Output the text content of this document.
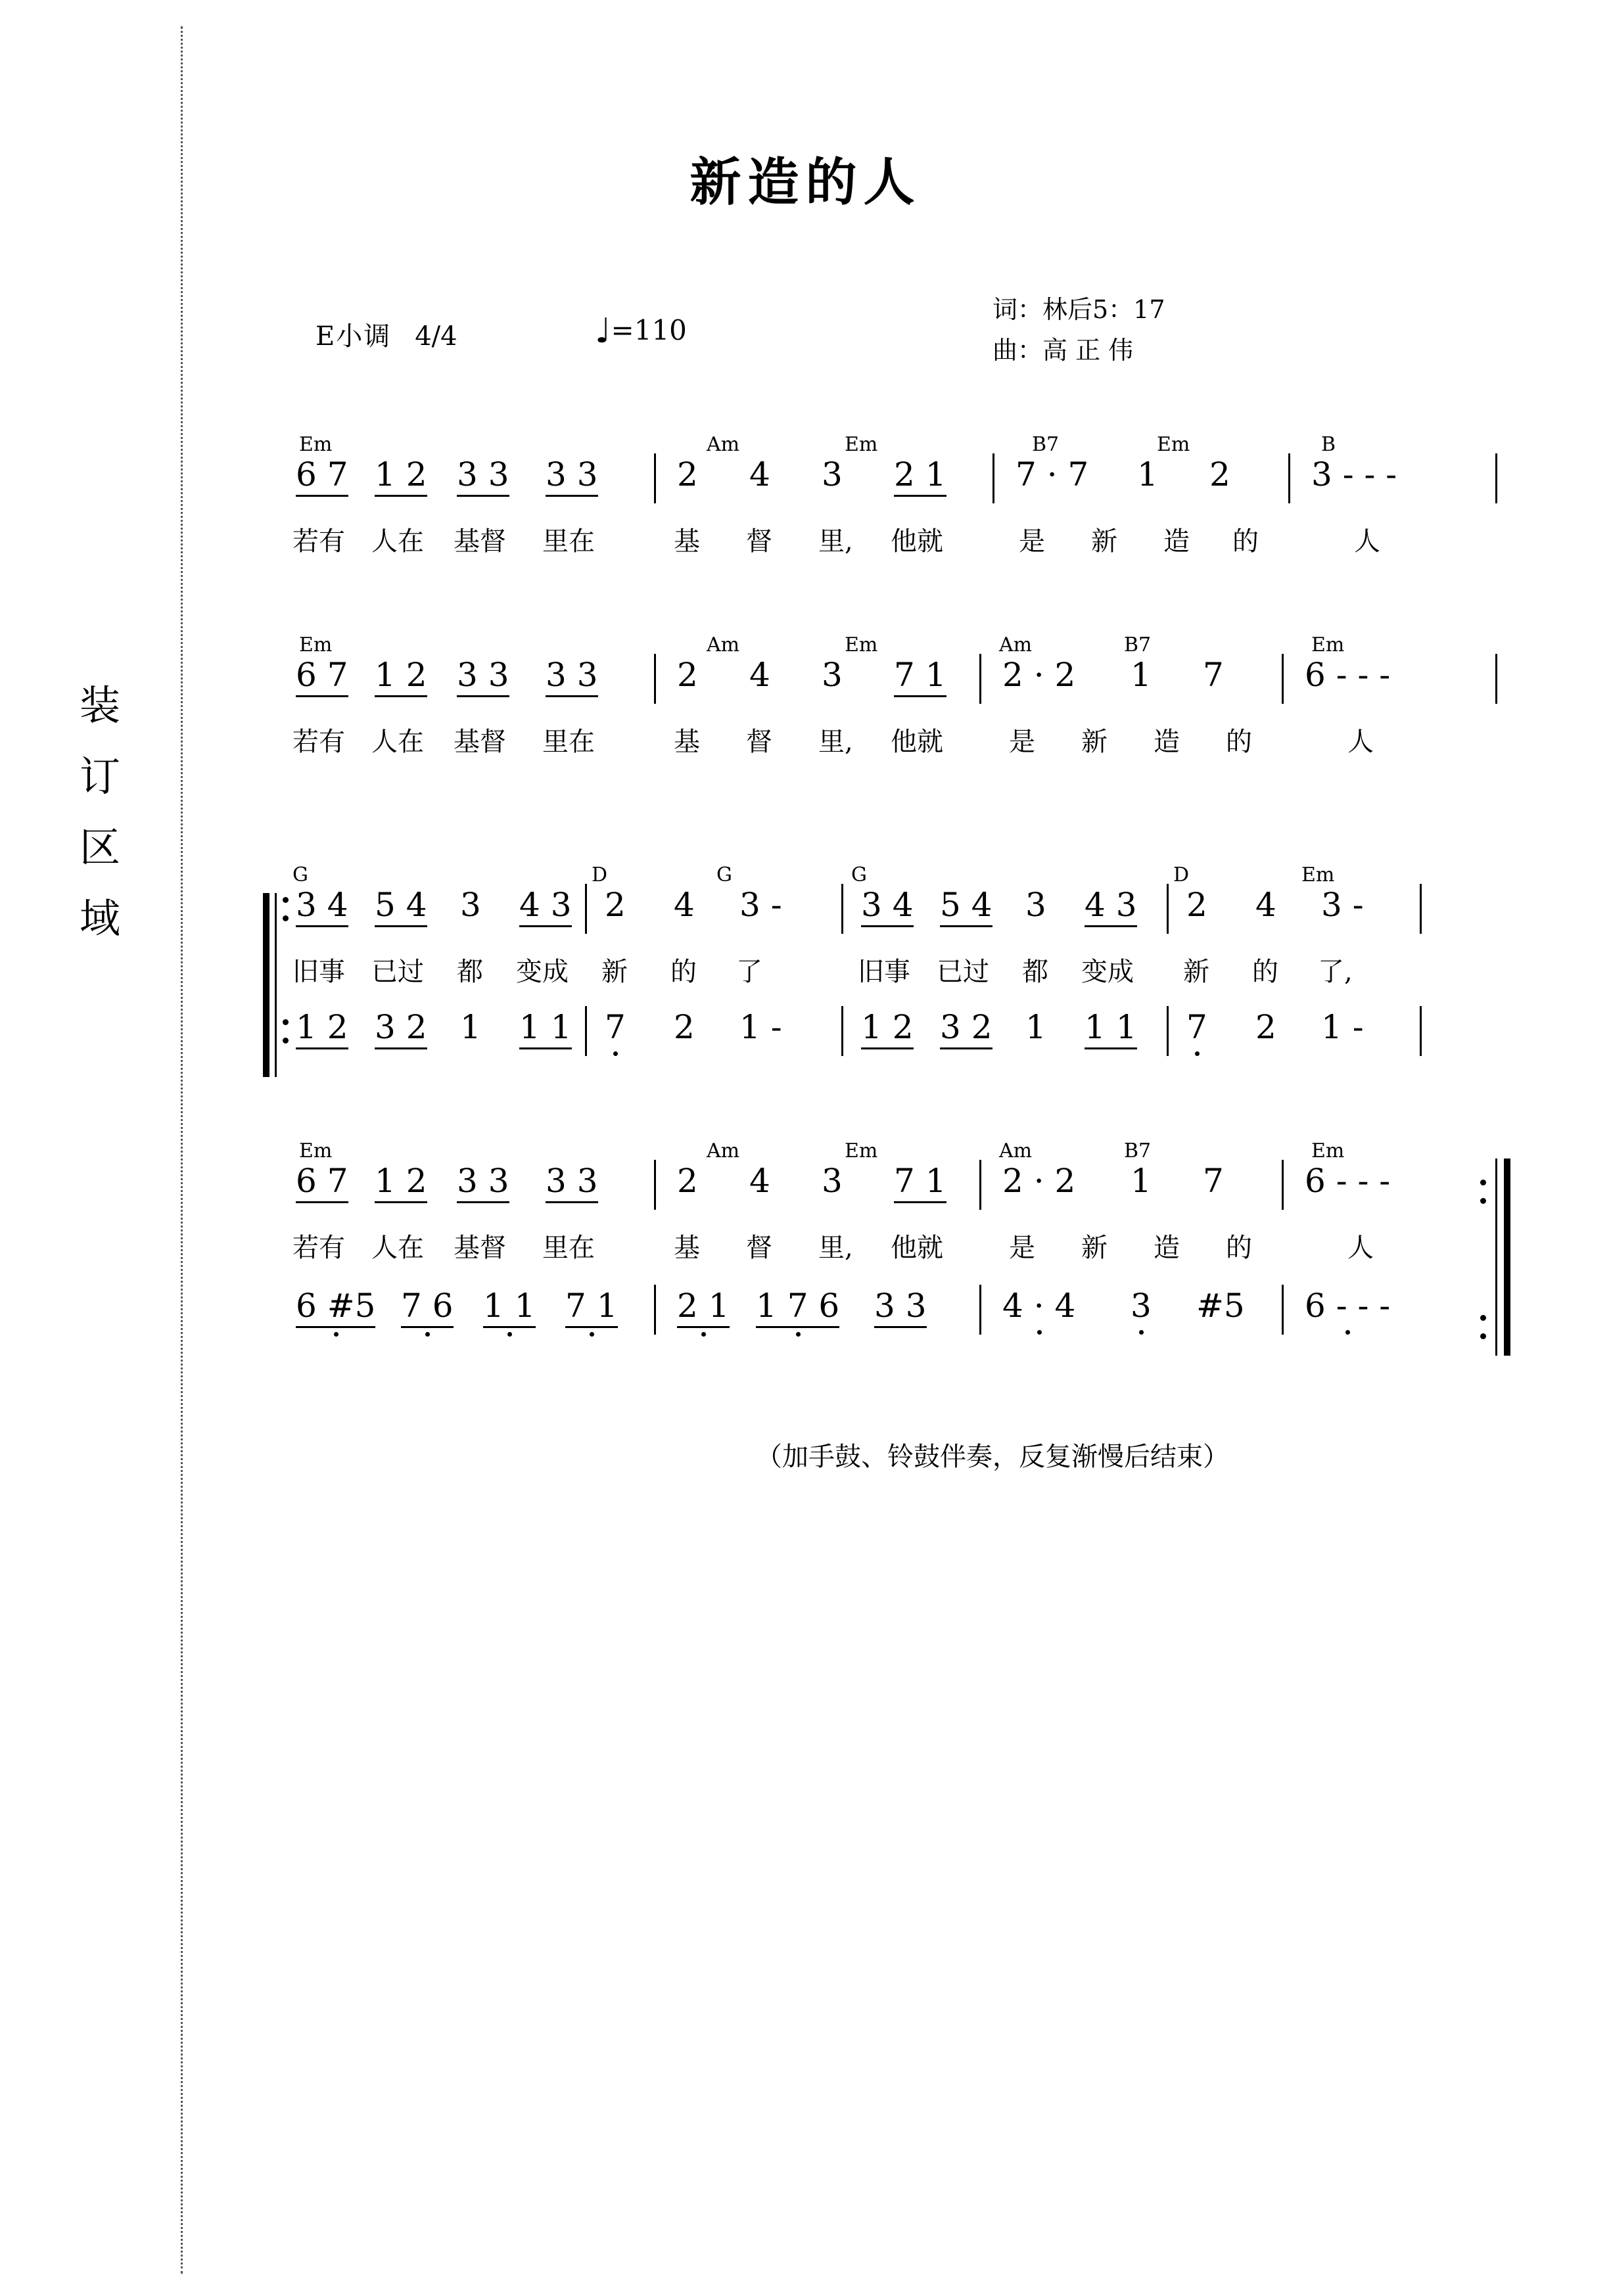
装
订
区
域
新造的人
E小调 4/4	♩=110
词：林后5：17
曲：高 正 伟
Em	Am	Em	B7	Em	B
6 7 1 2 3 3 3 3 2 4 3 2 1 7 · 7 1 2 3 - - -
若有 人在 基督 里在	基 督 里, 他就	是 新 造 的	人
Em	Am	Em	Am	B7	Em
6 7 1 2 3 3 3 3 2 4 3 7 1 2 · 2 1 7 6 - - -
若有 人在 基督 里在	基 督 里, 他就	是 新 造 的	人
G	D	G	G	D	Em
3 4 5 4 3 4 3 2 4 3 - 3 4 5 4 3 4 3 2 4 3 -
旧事 已过 都 变成 新 的 了	旧事 已过 都 变成 新 的 了,
1 2 3 2 1 1 1 7 2 1 - 1 2 3 2 1 1 1 7 2 1 -
Em	Am	Em	Am	B7	Em
6 7 1 2 3 3 3 3 2 4 3 7 1 2 · 2 1 7 6 - - -
若有 人在 基督 里在	基 督 里, 他就	是 新 造 的	人
6 #5 7 6 1 1 7 1 2 1 1 7 6 3 3 4 · 4 3 #5 6 - - -
（加手鼓、铃鼓伴奏，反复渐慢后结束）
